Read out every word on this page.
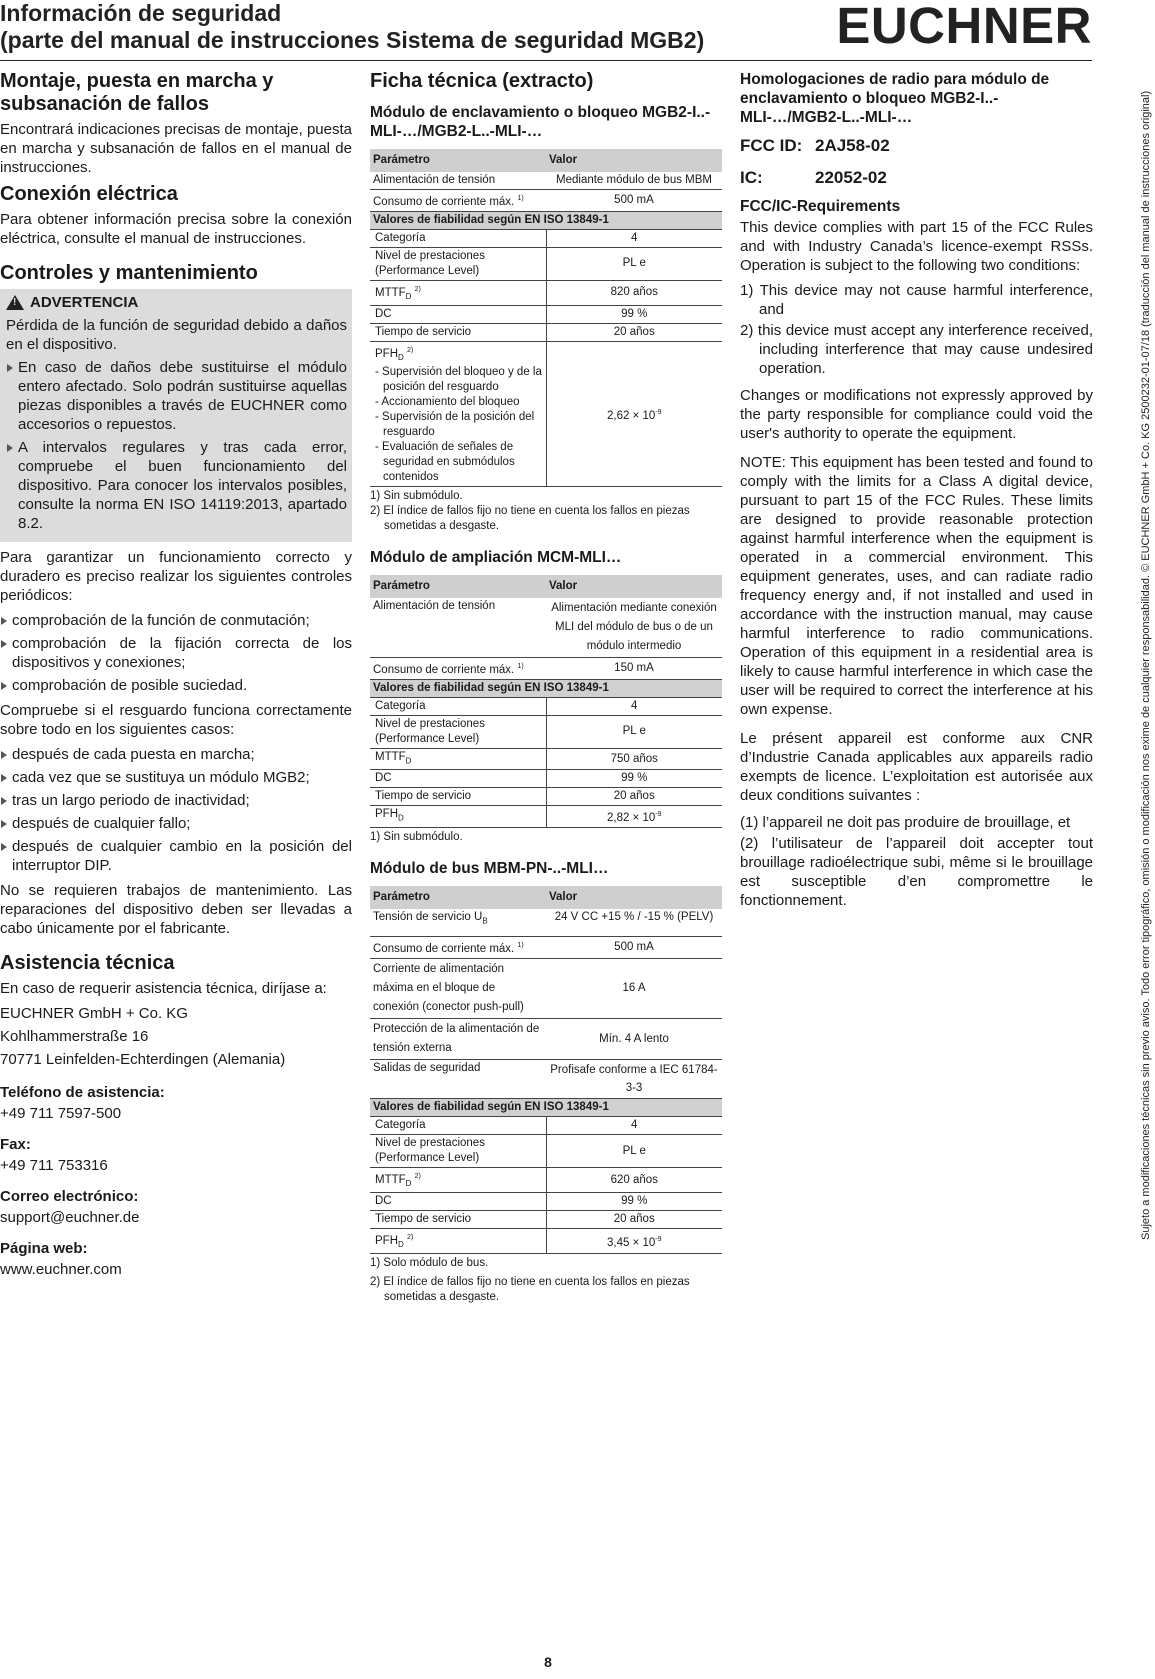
Información de seguridad
(parte del manual de instrucciones Sistema de seguridad MGB2)	EUCHNER
Montaje, puesta en marcha y subsanación de fallos

Encontrará indicaciones precisas de montaje, puesta en marcha y subsanación de fallos en el manual de instrucciones.

Conexión eléctrica

Para obtener información precisa sobre la conexión eléctrica, consulte el manual de instrucciones.

Controles y mantenimiento
!
ADVERTENCIA

Pérdida de la función de seguridad debido a daños en el dispositivo.

En caso de daños debe sustituirse el módulo entero afectado. Solo podrán sustituirse aquellas piezas disponibles a través de EUCHNER como accesorios o repuestos.
A intervalos regulares y tras cada error, compruebe el buen funcionamiento del dispositivo. Para conocer los intervalos posibles, consulte la norma EN ISO 14119:2013, apartado 8.2.

Para garantizar un funcionamiento correcto y duradero es preciso realizar los siguientes controles periódicos:

comprobación de la función de conmutación;
comprobación de la fijación correcta de los dispositivos y conexiones;
comprobación de posible suciedad.

Compruebe si el resguardo funciona correctamente sobre todo en los siguientes casos:

después de cada puesta en marcha;
cada vez que se sustituya un módulo MGB2;
tras un largo periodo de inactividad;
después de cualquier fallo;
después de cualquier cambio en la posición del interruptor DIP.

No se requieren trabajos de mantenimiento. Las reparaciones del dispositivo deben ser llevadas a cabo únicamente por el fabricante.

Asistencia técnica

En caso de requerir asistencia técnica, diríjase a:

EUCHNER GmbH + Co. KG
Kohlhammerstraße 16
70771 Leinfelden-Echterdingen (Alemania)
Teléfono de asistencia:
+49 711 7597-500
Fax:
+49 711 753316
Correo electrónico:
support@euchner.de
Página web:
www.euchner.com
Ficha técnica (extracto)
Módulo de enclavamiento o bloqueo MGB2-I..-MLI-…/MGB2-L..-MLI-…
Parámetro	Valor
Alimentación de tensión	Mediante módulo de bus MBM
Consumo de corriente máx. $^{1)}$	500 mA
Valores de fiabilidad según EN ISO 13849-1	
Categoría	4
Nivel de prestaciones (Performance Level)	PL e
$MTTF_D$ $^{2)}$	820 años
DC	99 %
Tiempo de servicio	20 años

$PFH_D$ $^{2)}$
- Supervisión del bloqueo y de la posición del resguardo
- Accionamiento del bloqueo
- Supervisión de la posición del resguardo
- Evaluación de señales de seguridad en submódulos contenidos	$2,62 \times 10^{-9}$
1) Sin submódulo.
2) El índice de fallos fijo no tiene en cuenta los fallos en piezas sometidas a desgaste.
Módulo de ampliación MCM-MLI…
Parámetro	Valor
Alimentación de tensión	Alimentación mediante conexión MLI del módulo de bus o de un módulo intermedio
Consumo de corriente máx. $^{1)}$	150 mA
Valores de fiabilidad según EN ISO 13849-1	
Categoría	4
Nivel de prestaciones (Performance Level)	PL e
$MTTF_D$	750 años
DC	99 %
Tiempo de servicio	20 años
$PFH_D$	$2,82 \times 10^{-9}$
1) Sin submódulo.
Módulo de bus MBM-PN-..-MLI…
Parámetro	Valor
Tensión de servicio $U_B$	24 V CC +15 % / -15 % (PELV)
Consumo de corriente máx. $^{1)}$	500 mA
Corriente de alimentación máxima en el bloque de conexión (conector push-pull)	16 A
Protección de la alimentación de tensión externa	Mín. 4 A lento
Salidas de seguridad	Profisafe conforme a IEC 61784-3-3
Valores de fiabilidad según EN ISO 13849-1	
Categoría	4
Nivel de prestaciones (Performance Level)	PL e
$MTTF_D$ $^{2)}$	620 años
DC	99 %
Tiempo de servicio	20 años
$PFH_D$ $^{2)}$	$3,45 \times 10^{-9}$
1) Solo módulo de bus.
2) El índice de fallos fijo no tiene en cuenta los fallos en piezas sometidas a desgaste.
Homologaciones de radio para módulo de enclavamiento o bloqueo MGB2-I..-MLI-…/MGB2-L..-MLI-…
FCC ID: 2AJ58-02
IC:	22052-02
FCC/IC-Requirements

This device complies with part 15 of the FCC Rules and with Industry Canada’s licence-exempt RSSs. Operation is subject to the following two conditions:

1) This device may not cause harmful interference, and
2) this device must accept any interference received, including interference that may cause undesired operation.

Changes or modifications not expressly approved by the party responsible for compliance could void the user's authority to operate the equipment.

NOTE: This equipment has been tested and found to comply with the limits for a Class A digital device, pursuant to part 15 of the FCC Rules. These limits are designed to provide reasonable protection against harmful interference when the equipment is operated in a commercial environment. This equipment generates, uses, and can radiate radio frequency energy and, if not installed and used in accordance with the instruction manual, may cause harmful interference to radio communications. Operation of this equipment in a residential area is likely to cause harmful interference in which case the user will be required to correct the interference at his own expense.

Le présent appareil est conforme aux CNR d’Industrie Canada applicables aux appareils radio exempts de licence. L’exploitation est autorisée aux deux conditions suivantes :

(1) l’appareil ne doit pas produire de brouillage, et

(2) l’utilisateur de l’appareil doit accepter tout brouillage radioélectrique subi, même si le brouillage est susceptible d’en compromettre le fonctionnement.	Sujeto a modificaciones técnicas sin previo aviso. Todo error tipográfico, omisión o modificación nos exime de cualquier responsabilidad. © EUCHNER GmbH + Co. KG 2500232-01-07/18 (traducción del manual de instrucciones original)
8
